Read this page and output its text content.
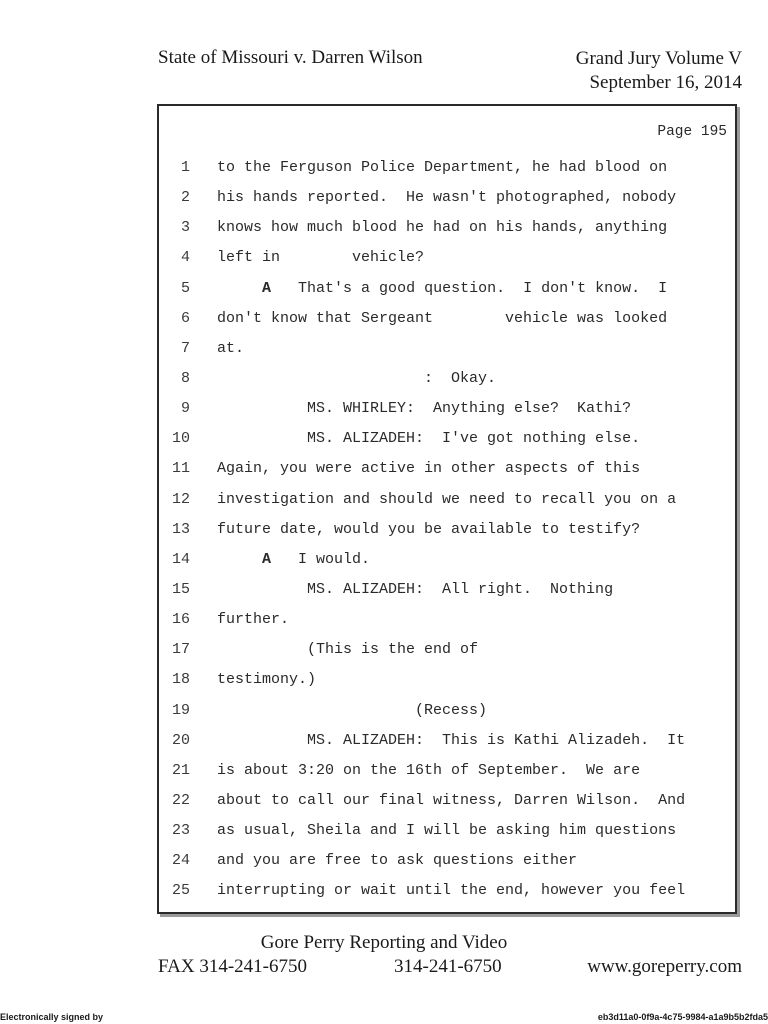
State of Missouri v. Darren Wilson	Grand Jury Volume V
September 16, 2014
Page 195
1 to the Ferguson Police Department, he had blood on
2 his hands reported.  He wasn't photographed, nobody
3 knows how much blood he had on his hands, anything
4 left in        vehicle?
5	A That's a good question.  I don't know.  I
6 don't know that Sergeant        vehicle was looked
7 at.
8 :  Okay.
9 MS. WHIRLEY:  Anything else?  Kathi?
10 MS. ALIZADEH:  I've got nothing else.
11 Again, you were active in other aspects of this
12 investigation and should we need to recall you on a
13 future date, would you be available to testify?
14	A I would.
15 MS. ALIZADEH:  All right.  Nothing
16 further.
17 (This is the end of
18 testimony.)
19 (Recess)
20 MS. ALIZADEH:  This is Kathi Alizadeh.  It
21 is about 3:20 on the 16th of September.  We are
22 about to call our final witness, Darren Wilson.  And
23 as usual, Sheila and I will be asking him questions
24 and you are free to ask questions either
25 interrupting or wait until the end, however you feel
Gore Perry Reporting and Video
FAX 314-241-6750	314-241-6750	www.goreperry.com
Electronically signed by	eb3d11a0-0f9a-4c75-9984-a1a9b5b2fda5
